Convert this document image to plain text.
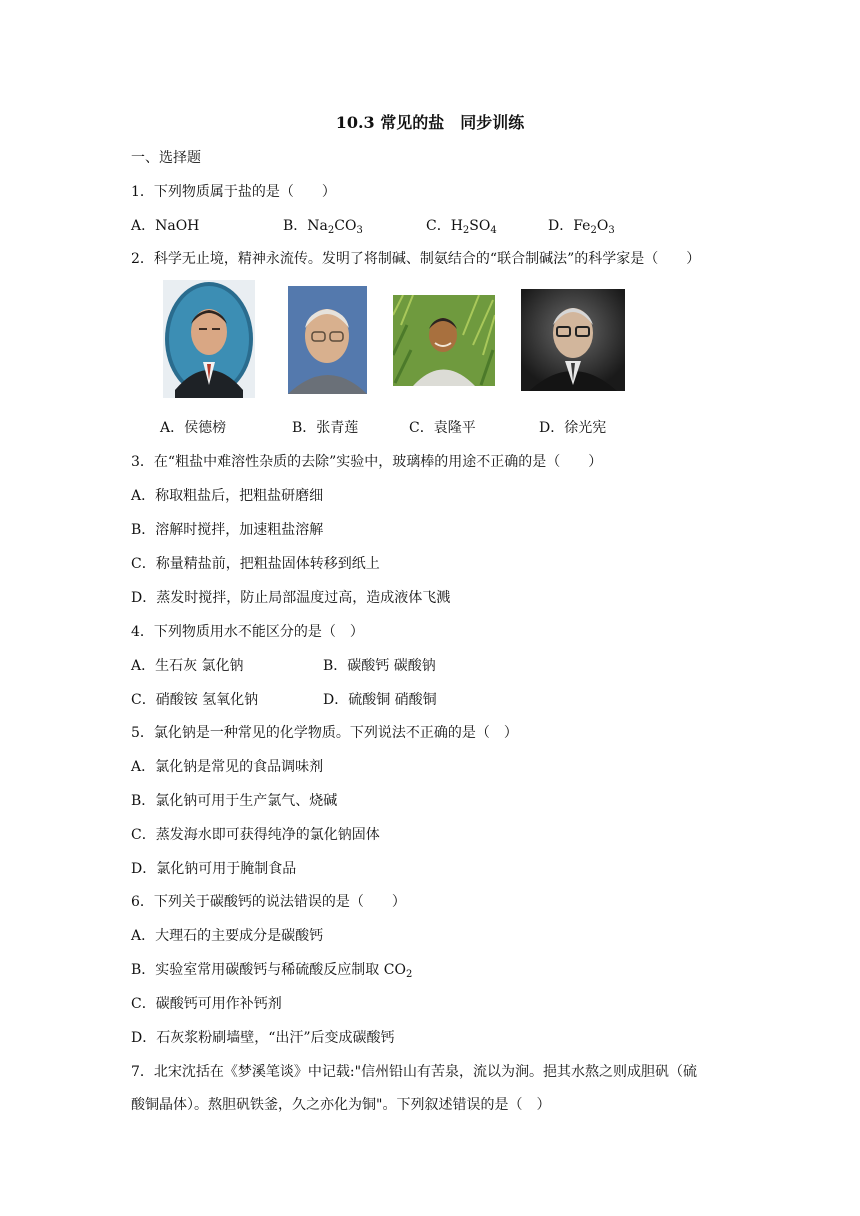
10.3 常见的盐　同步训练
一、选择题
1．下列物质属于盐的是（　　）
A．NaOH	B．$Na_2CO_3$	C．$H_2SO_4$	D．$Fe_2O_3$
2．科学无止境，精神永流传。发明了将制碱、制氨结合的“联合制碱法”的科学家是（　　）
A．侯德榜	B．张青莲	C．袁隆平	D．徐光宪
3．在“粗盐中难溶性杂质的去除”实验中，玻璃棒的用途不正确的是（　　）
A．称取粗盐后，把粗盐研磨细
B．溶解时搅拌，加速粗盐溶解
C．称量精盐前，把粗盐固体转移到纸上
D．蒸发时搅拌，防止局部温度过高，造成液体飞溅
4．下列物质用水不能区分的是（　）
A．生石灰 氯化钠	B．碳酸钙 碳酸钠
C．硝酸铵 氢氧化钠	D．硫酸铜 硝酸铜
5．氯化钠是一种常见的化学物质。下列说法不正确的是（　）
A．氯化钠是常见的食品调味剂
B．氯化钠可用于生产氯气、烧碱
C．蒸发海水即可获得纯净的氯化钠固体
D．氯化钠可用于腌制食品
6．下列关于碳酸钙的说法错误的是（　　）
A．大理石的主要成分是碳酸钙
B．实验室常用碳酸钙与稀硫酸反应制取 $CO_2$
C．碳酸钙可用作补钙剂
D．石灰浆粉刷墙壁，“出汗”后变成碳酸钙
7．北宋沈括在《梦溪笔谈》中记载:"信州铅山有苦泉，流以为涧。挹其水熬之则成胆矾（硫
酸铜晶体）。熬胆矾铁釜，久之亦化为铜"。下列叙述错误的是（　）
